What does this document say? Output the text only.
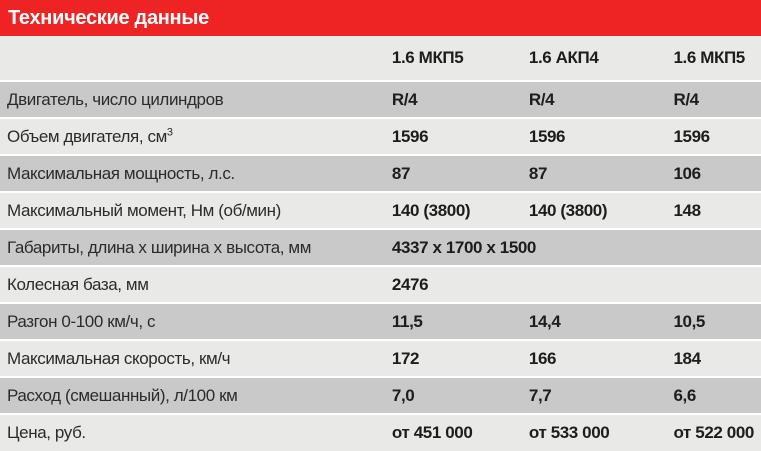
Технические данные
	1.6 МКП5	1.6 АКП4	1.6 МКП5
Двигатель, число цилиндров	R/4	R/4	R/4
Объем двигателя, $см^3$	1596	1596	1596
Максимальная мощность, л.с.	87	87	106
Максимальный момент, Нм (об/мин)	140 (3800)	140 (3800)	148
Габариты, длина x ширина x высота, мм	4337 x 1700 x 1500		
Колесная база, мм	2476		
Разгон 0-100 км/ч, с	11,5	14,4	10,5
Максимальная скорость, км/ч	172	166	184
Расход (смешанный), л/100 км	7,0	7,7	6,6
Цена, руб.	от 451 000	от 533 000	от 522 000
